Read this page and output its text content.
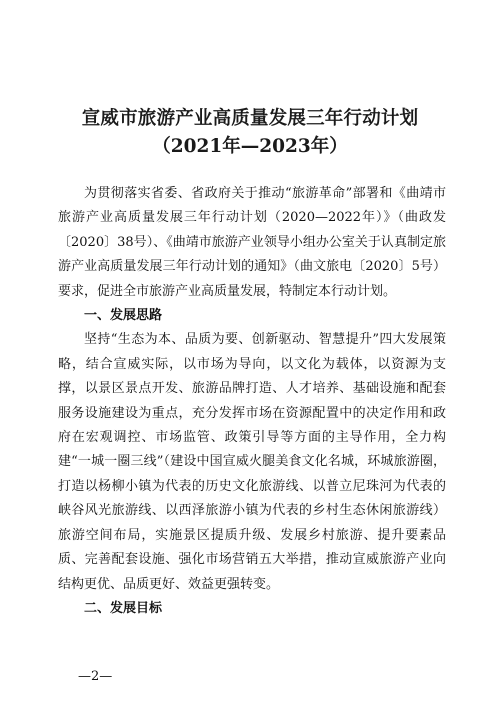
宣威市旅游产业高质量发展三年行动计划
（2021年—2023年）

为贯彻落实省委、省政府关于推动“旅游革命”部署和《曲靖市旅游产业高质量发展三年行动计划（2020—2022年）》（曲政发〔2020〕38号）、《曲靖市旅游产业领导小组办公室关于认真制定旅游产业高质量发展三年行动计划的通知》（曲文旅电〔2020〕5号）要求，促进全市旅游产业高质量发展，特制定本行动计划。

一、发展思路

坚持“生态为本、品质为要、创新驱动、智慧提升”四大发展策略，结合宣威实际，以市场为导向，以文化为载体，以资源为支撑，以景区景点开发、旅游品牌打造、人才培养、基础设施和配套服务设施建设为重点，充分发挥市场在资源配置中的决定作用和政府在宏观调控、市场监管、政策引导等方面的主导作用，全力构建“一城一圈三线”（建设中国宣威火腿美食文化名城，环城旅游圈，打造以杨柳小镇为代表的历史文化旅游线、以普立尼珠河为代表的峡谷风光旅游线、以西泽旅游小镇为代表的乡村生态休闲旅游线）旅游空间布局，实施景区提质升级、发展乡村旅游、提升要素品质、完善配套设施、强化市场营销五大举措，推动宣威旅游产业向结构更优、品质更好、效益更强转变。

二、发展目标

—2—
